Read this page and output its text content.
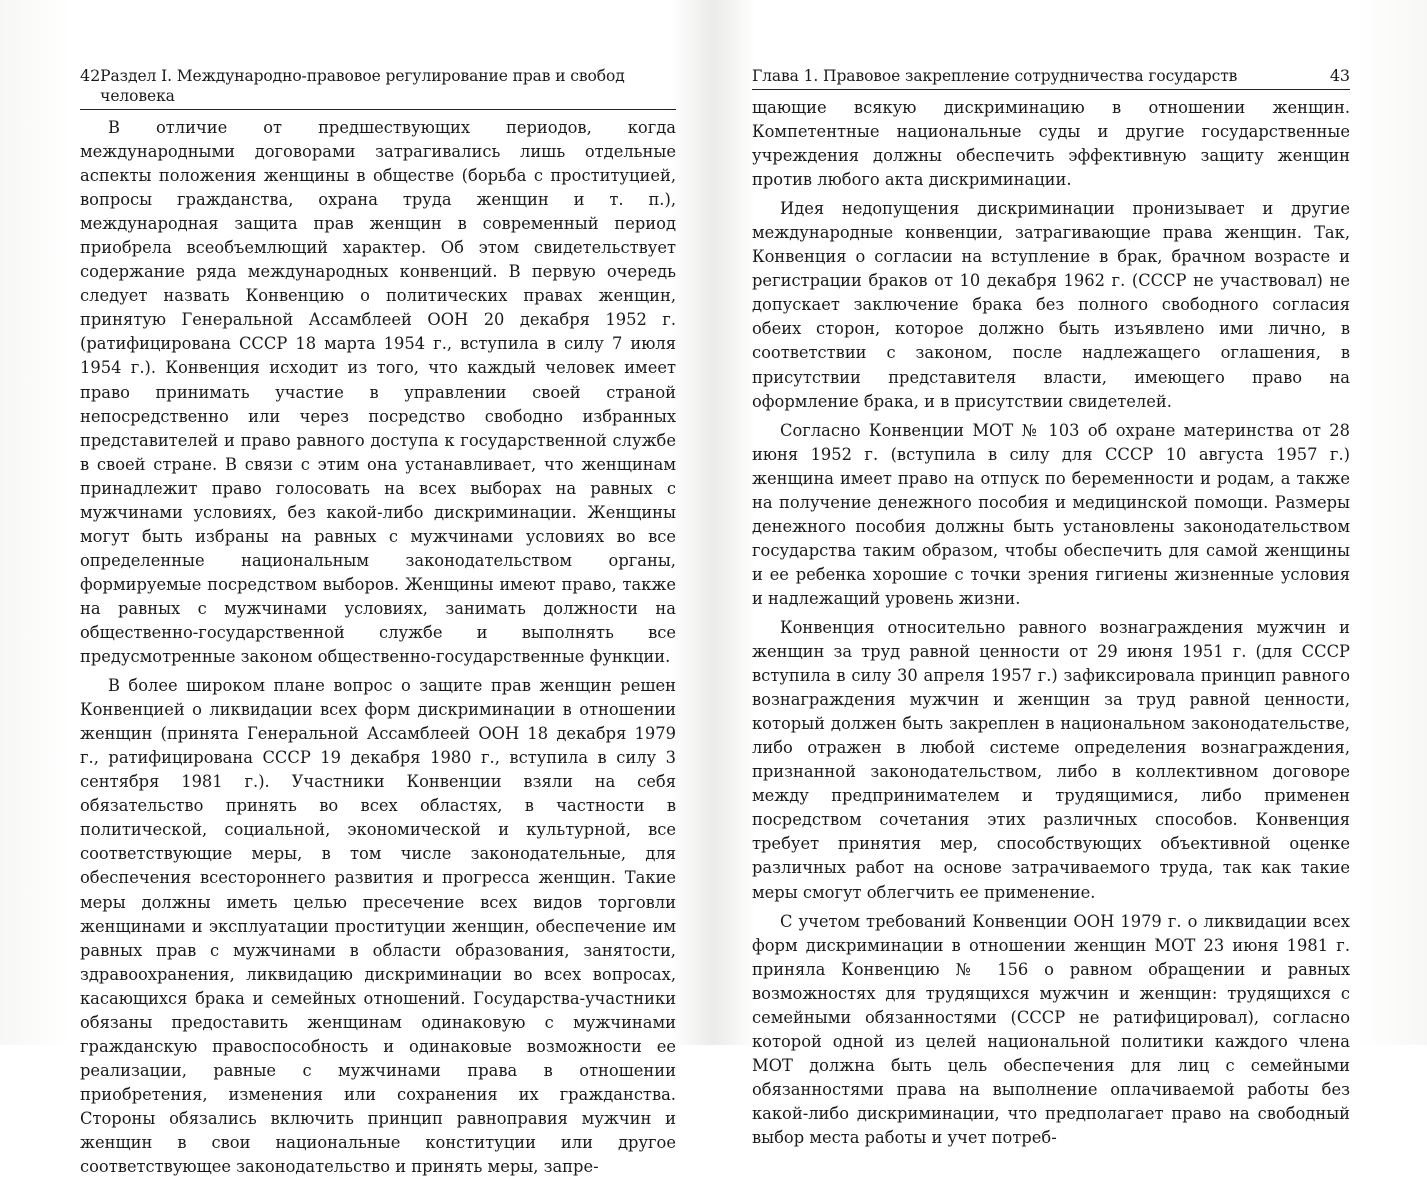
42 Раздел I. Международно-правовое регулирование прав и свобод человека

В отличие от предшествующих периодов, когда международными договорами затрагивались лишь отдельные аспекты положения женщины в обществе (борьба с проституцией, вопросы гражданства, охрана труда женщин и т. п.), международная защита прав женщин в современный период приобрела всеобъемлющий характер. Об этом свидетельствует содержание ряда международных конвенций. В первую очередь следует назвать Конвенцию о политических правах женщин, принятую Генеральной Ассамблеей ООН 20 декабря 1952 г. (ратифицирована СССР 18 марта 1954 г., вступила в силу 7 июля 1954 г.). Конвенция исходит из того, что каждый человек имеет право принимать участие в управлении своей страной непосредственно или через посредство свободно избранных представителей и право равного доступа к государственной службе в своей стране. В связи с этим она устанавливает, что женщинам принадлежит право голосовать на всех выборах на равных с мужчинами условиях, без какой-либо дискриминации. Женщины могут быть избраны на равных с мужчинами условиях во все определенные национальным законодательством органы, формируемые посредством выборов. Женщины имеют право, также на равных с мужчинами условиях, занимать должности на общественно-государственной службе и выполнять все предусмотренные законом общественно-государственные функции.

В более широком плане вопрос о защите прав женщин решен Конвенцией о ликвидации всех форм дискриминации в отношении женщин (принята Генеральной Ассамблеей ООН 18 декабря 1979 г., ратифицирована СССР 19 декабря 1980 г., вступила в силу 3 сентября 1981 г.). Участники Конвенции взяли на себя обязательство принять во всех областях, в частности в политической, социальной, экономической и культурной, все соответствующие меры, в том числе законодательные, для обеспечения всестороннего развития и прогресса женщин. Такие меры должны иметь целью пресечение всех видов торговли женщинами и эксплуатации проституции женщин, обеспечение им равных прав с мужчинами в области образования, занятости, здравоохранения, ликвидацию дискриминации во всех вопросах, касающихся брака и семейных отношений. Государства-участники обязаны предоставить женщинам одинаковую с мужчинами гражданскую правоспособность и одинаковые возможности ее реализации, равные с мужчинами права в отношении приобретения, изменения или сохранения их гражданства. Стороны обязались включить принцип равноправия мужчин и женщин в свои национальные конституции или другое соответствующее законодательство и принять меры, запре-

Глава 1. Правовое закрепление сотрудничества государств	43

щающие всякую дискриминацию в отношении женщин. Компетентные национальные суды и другие государственные учреждения должны обеспечить эффективную защиту женщин против любого акта дискриминации.

Идея недопущения дискриминации пронизывает и другие международные конвенции, затрагивающие права женщин. Так, Конвенция о согласии на вступление в брак, брачном возрасте и регистрации браков от 10 декабря 1962 г. (СССР не участвовал) не допускает заключение брака без полного свободного согласия обеих сторон, которое должно быть изъявлено ими лично, в соответствии с законом, после надлежащего оглашения, в присутствии представителя власти, имеющего право на оформление брака, и в присутствии свидетелей.

Согласно Конвенции МОТ № 103 об охране материнства от 28 июня 1952 г. (вступила в силу для СССР 10 августа 1957 г.) женщина имеет право на отпуск по беременности и родам, а также на получение денежного пособия и медицинской помощи. Размеры денежного пособия должны быть установлены законодательством государства таким образом, чтобы обеспечить для самой женщины и ее ребенка хорошие с точки зрения гигиены жизненные условия и надлежащий уровень жизни.

Конвенция относительно равного вознаграждения мужчин и женщин за труд равной ценности от 29 июня 1951 г. (для СССР вступила в силу 30 апреля 1957 г.) зафиксировала принцип равного вознаграждения мужчин и женщин за труд равной ценности, который должен быть закреплен в национальном законодательстве, либо отражен в любой системе определения вознаграждения, признанной законодательством, либо в коллективном договоре между предпринимателем и трудящимися, либо применен посредством сочетания этих различных способов. Конвенция требует принятия мер, способствующих объективной оценке различных работ на основе затрачиваемого труда, так как такие меры смогут облегчить ее применение.

С учетом требований Конвенции ООН 1979 г. о ликвидации всех форм дискриминации в отношении женщин МОТ 23 июня 1981 г. приняла Конвенцию № 156 о равном обращении и равных возможностях для трудящихся мужчин и женщин: трудящихся с семейными обязанностями (СССР не ратифицировал), согласно которой одной из целей национальной политики каждого члена МОТ должна быть цель обеспечения для лиц с семейными обязанностями права на выполнение оплачиваемой работы без какой-либо дискриминации, что предполагает право на свободный выбор места работы и учет потреб-
